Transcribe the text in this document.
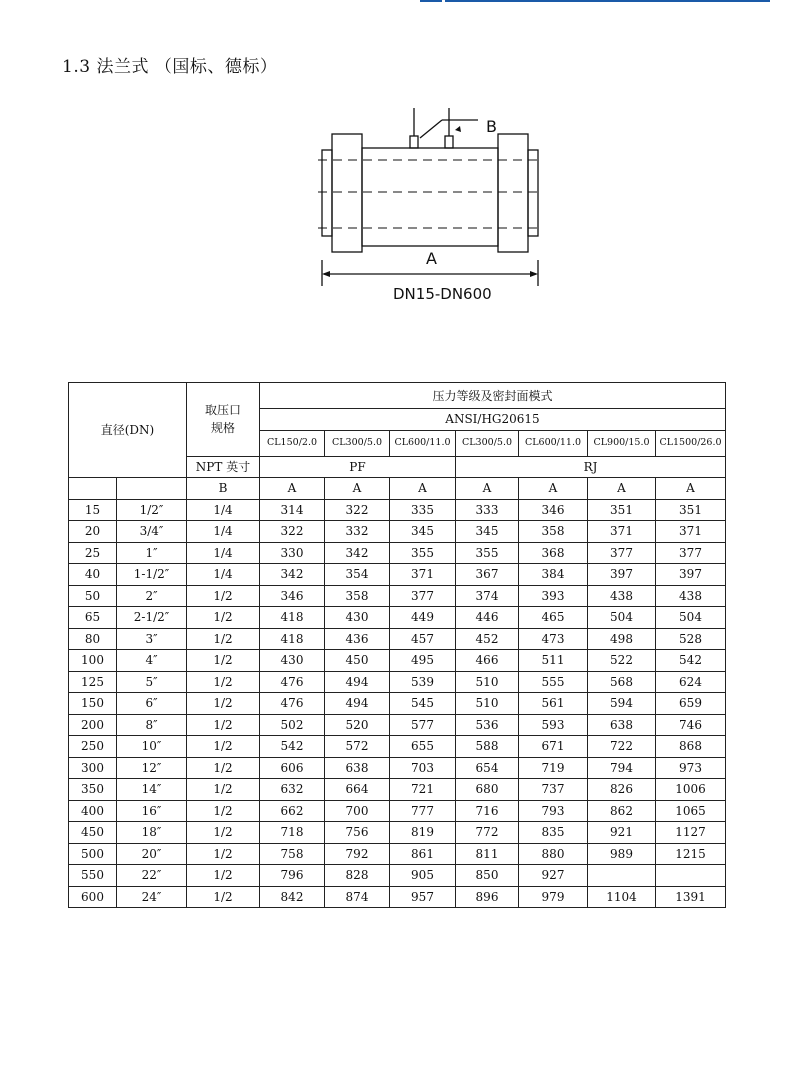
1.3 法兰式 （国标、德标）
B
A
DN15-DN600
直径(DN)		取压口
规格	压力等级及密封面模式						
			ANSI/HG20615						
			CL150/2.0	CL300/5.0	CL600/11.0	CL300/5.0	CL600/11.0	CL900/15.0	CL1500/26.0
		NPT 英寸	PF			RJ			
		B	A	A	A	A	A	A	A
15	1/2″	1/4	314	322	335	333	346	351	351
20	3/4″	1/4	322	332	345	345	358	371	371
25	1″	1/4	330	342	355	355	368	377	377
40	1-1/2″	1/4	342	354	371	367	384	397	397
50	2″	1/2	346	358	377	374	393	438	438
65	2-1/2″	1/2	418	430	449	446	465	504	504
80	3″	1/2	418	436	457	452	473	498	528
100	4″	1/2	430	450	495	466	511	522	542
125	5″	1/2	476	494	539	510	555	568	624
150	6″	1/2	476	494	545	510	561	594	659
200	8″	1/2	502	520	577	536	593	638	746
250	10″	1/2	542	572	655	588	671	722	868
300	12″	1/2	606	638	703	654	719	794	973
350	14″	1/2	632	664	721	680	737	826	1006
400	16″	1/2	662	700	777	716	793	862	1065
450	18″	1/2	718	756	819	772	835	921	1127
500	20″	1/2	758	792	861	811	880	989	1215
550	22″	1/2	796	828	905	850	927		
600	24″	1/2	842	874	957	896	979	1104	1391
